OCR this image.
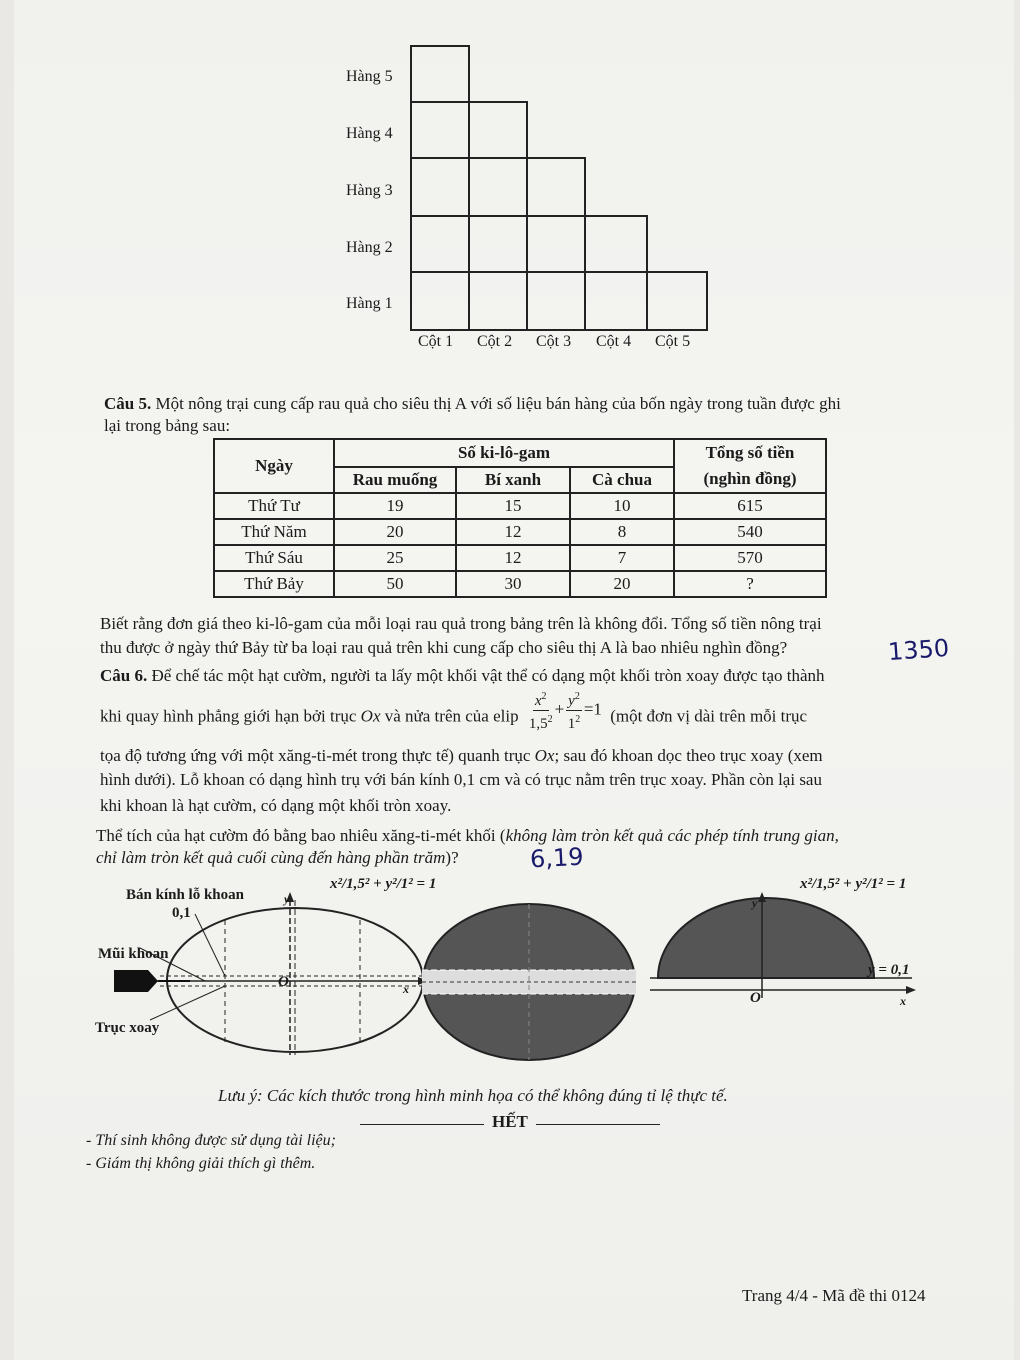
Hàng 5
Hàng 4
Hàng 3
Hàng 2
Hàng 1
Cột 1 Cột 2 Cột 3 Cột 4 Cột 5
Câu 5. Một nông trại cung cấp rau quả cho siêu thị A với số liệu bán hàng của bốn ngày trong tuần được ghi
lại trong bảng sau:
Ngày	Số ki-lô-gam			Tổng số tiền
(nghìn đồng)
	Rau muống	Bí xanh	Cà chua	
Thứ Tư	19	15	10	615
Thứ Năm	20	12	8	540
Thứ Sáu	25	12	7	570
Thứ Bảy	50	30	20	?
Biết rằng đơn giá theo ki-lô-gam của mỗi loại rau quả trong bảng trên là không đổi. Tổng số tiền nông trại
thu được ở ngày thứ Bảy từ ba loại rau quả trên khi cung cấp cho siêu thị A là bao nhiêu nghìn đồng?	1350
Câu 6. Để chế tác một hạt cườm, người ta lấy một khối vật thể có dạng một khối tròn xoay được tạo thành
khi quay hình phẳng giới hạn bởi trục Ox và nửa trên của elip $\frac{x^2}{1,5^2} + \frac{y^2}{1^2} =1$ (một đơn vị dài trên mỗi trục
tọa độ tương ứng với một xăng-ti-mét trong thực tế) quanh trục Ox; sau đó khoan dọc theo trục xoay (xem
hình dưới). Lỗ khoan có dạng hình trụ với bán kính 0,1 cm và có trục nằm trên trục xoay. Phần còn lại sau
khi khoan là hạt cườm, có dạng một khối tròn xoay.
Thể tích của hạt cườm đó bằng bao nhiêu xăng-ti-mét khối (không làm tròn kết quả các phép tính trung gian,
chỉ làm tròn kết quả cuối cùng đến hàng phần trăm)?	6,19
Bán kính lỗ khoan
0,1
Mũi khoan
Trục xoay
O	x
y
x²/1,5² + y²/1² = 1	x²/1,5² + y²/1² = 1
y = 0,1
O	x
y
Lưu ý: Các kích thước trong hình minh họa có thể không đúng tỉ lệ thực tế.
HẾT
- Thí sinh không được sử dụng tài liệu;
- Giám thị không giải thích gì thêm.
Trang 4/4 - Mã đề thi 0124
